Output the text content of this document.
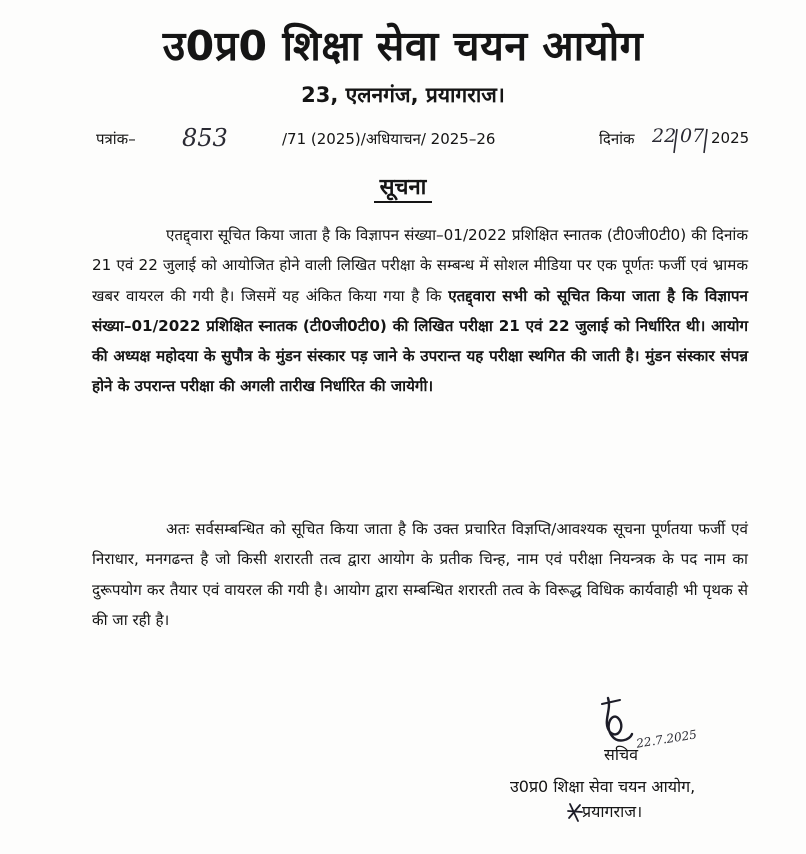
उ0प्र0 शिक्षा सेवा चयन आयोग
23, एलनगंज, प्रयागराज।
पत्रांक– 853	/71 (2025)/अधियाचन/ 2025–26	दिनांक 22 07 2025
सूचना
एतद्द्वारा सूचित किया जाता है कि विज्ञापन संख्या–01/2022 प्रशिक्षित स्नातक (टी0जी0टी0) की दिनांक 21 एवं 22 जुलाई को आयोजित होने वाली लिखित परीक्षा के सम्बन्ध में सोशल मीडिया पर एक पूर्णतः फर्जी एवं भ्रामक खबर वायरल की गयी है। जिसमें यह अंकित किया गया है कि एतद्द्वारा सभी को सूचित किया जाता है कि विज्ञापन संख्या–01/2022 प्रशिक्षित स्नातक (टी0जी0टी0) की लिखित परीक्षा 21 एवं 22 जुलाई को निर्धारित थी। आयोग की अध्यक्ष महोदया के सुपौत्र के मुंडन संस्कार पड़ जाने के उपरान्त यह परीक्षा स्थगित की जाती है। मुंडन संस्कार संपन्न होने के उपरान्त परीक्षा की अगली तारीख निर्धारित की जायेगी।
अतः सर्वसम्बन्धित को सूचित किया जाता है कि उक्त प्रचारित विज्ञप्ति/आवश्यक सूचना पूर्णतया फर्जी एवं निराधार, मनगढन्त है जो किसी शरारती तत्व द्वारा आयोग के प्रतीक चिन्ह, नाम एवं परीक्षा नियन्त्रक के पद नाम का दुरूपयोग कर तैयार एवं वायरल की गयी है। आयोग द्वारा सम्बन्धित शरारती तत्व के विरूद्ध विधिक कार्यवाही भी पृथक से की जा रही है।
22.7.2025
सचिव
उ0प्र0 शिक्षा सेवा चयन आयोग,
प्रयागराज।
